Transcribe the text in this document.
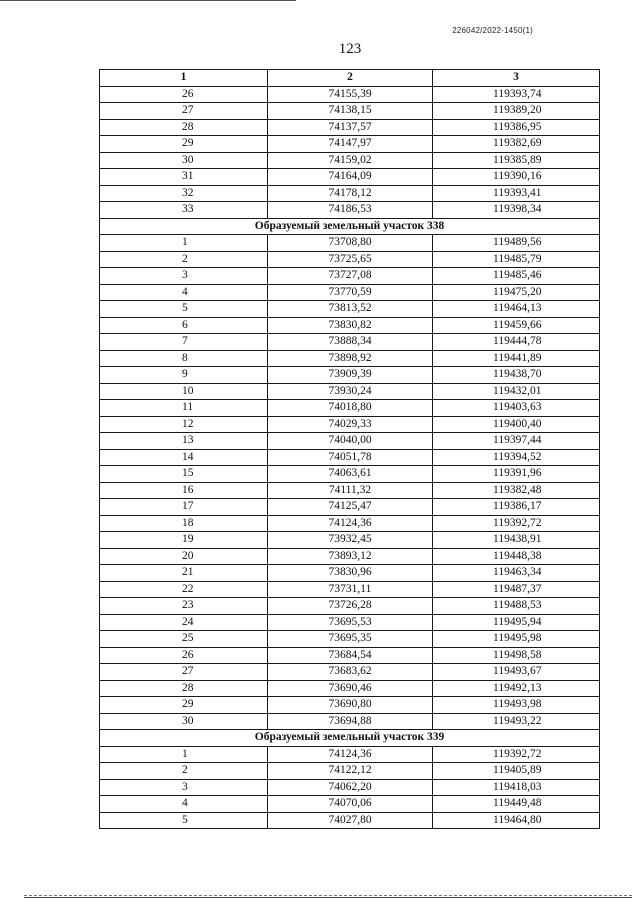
226042/2022-1450(1)
123
1	2	3
26	74155,39	119393,74
27	74138,15	119389,20
28	74137,57	119386,95
29	74147,97	119382,69
30	74159,02	119385,89
31	74164,09	119390,16
32	74178,12	119393,41
33	74186,53	119398,34
Образуемый земельный участок 338		
1	73708,80	119489,56
2	73725,65	119485,79
3	73727,08	119485,46
4	73770,59	119475,20
5	73813,52	119464,13
6	73830,82	119459,66
7	73888,34	119444,78
8	73898,92	119441,89
9	73909,39	119438,70
10	73930,24	119432,01
11	74018,80	119403,63
12	74029,33	119400,40
13	74040,00	119397,44
14	74051,78	119394,52
15	74063,61	119391,96
16	74111,32	119382,48
17	74125,47	119386,17
18	74124,36	119392,72
19	73932,45	119438,91
20	73893,12	119448,38
21	73830,96	119463,34
22	73731,11	119487,37
23	73726,28	119488,53
24	73695,53	119495,94
25	73695,35	119495,98
26	73684,54	119498,58
27	73683,62	119493,67
28	73690,46	119492,13
29	73690,80	119493,98
30	73694,88	119493,22
Образуемый земельный участок 339		
1	74124,36	119392,72
2	74122,12	119405,89
3	74062,20	119418,03
4	74070,06	119449,48
5	74027,80	119464,80
